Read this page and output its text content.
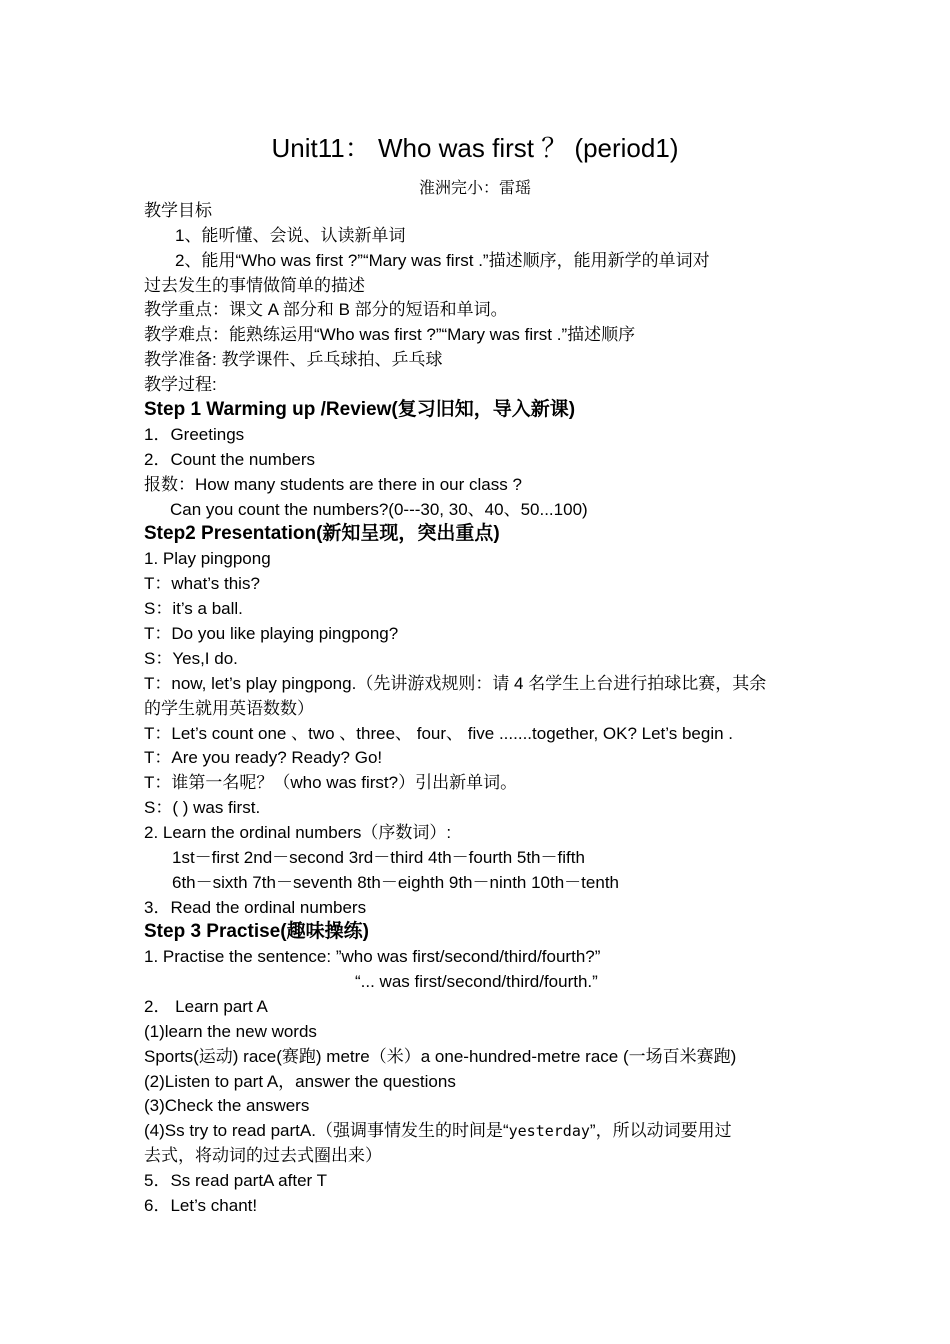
Unit11： Who was first ？ (period1)
淮洲完小：雷瑶
教学目标
1、能听懂、会说、认读新单词
2、能用“Who was first ?”“Mary was first .”描述顺序，能用新学的单词对
过去发生的事情做简单的描述
教学重点：课文 A 部分和 B 部分的短语和单词。
教学难点：能熟练运用“Who was first ?”“Mary was first .”描述顺序
教学准备: 教学课件、乒乓球拍、乒乓球
教学过程:
Step 1 Warming up /Review(复习旧知，导入新课)
1．Greetings
2．Count the numbers
报数：How many students are there in our class ?
Can you count the numbers?(0---30, 30、40、50...100)
Step2 Presentation(新知呈现，突出重点)
1. Play pingpong
T：what’s this?
S：it’s a ball.
T：Do you like playing pingpong?
S：Yes,I do.
T：now, let’s play pingpong.（先讲游戏规则：请 4 名学生上台进行拍球比赛，其余
的学生就用英语数数）
T：Let’s count one 、two 、three、 four、 five .......together, OK? Let’s begin .
T：Are you ready? Ready? Go!
T：谁第一名呢？（who was first?）引出新单词。
S：( ) was first.
2. Learn the ordinal numbers（序数词）:
1st－first 2nd－second 3rd－third 4th－fourth 5th－fifth
6th－sixth 7th－seventh 8th－eighth 9th－ninth 10th－tenth
3．Read the ordinal numbers
Step 3 Practise(趣味操练)
1. Practise the sentence: ”who was first/second/third/fourth?”
“... was first/second/third/fourth.”
2． Learn part A
(1)learn the new words
Sports(运动) race(赛跑) metre（米）a one-hundred-metre race (一场百米赛跑)
(2)Listen to part A，answer the questions
(3)Check the answers
(4)Ss try to read partA.（强调事情发生的时间是“yesterday”，所以动词要用过
去式，将动词的过去式圈出来）
5．Ss read partA after T
6．Let’s chant!
